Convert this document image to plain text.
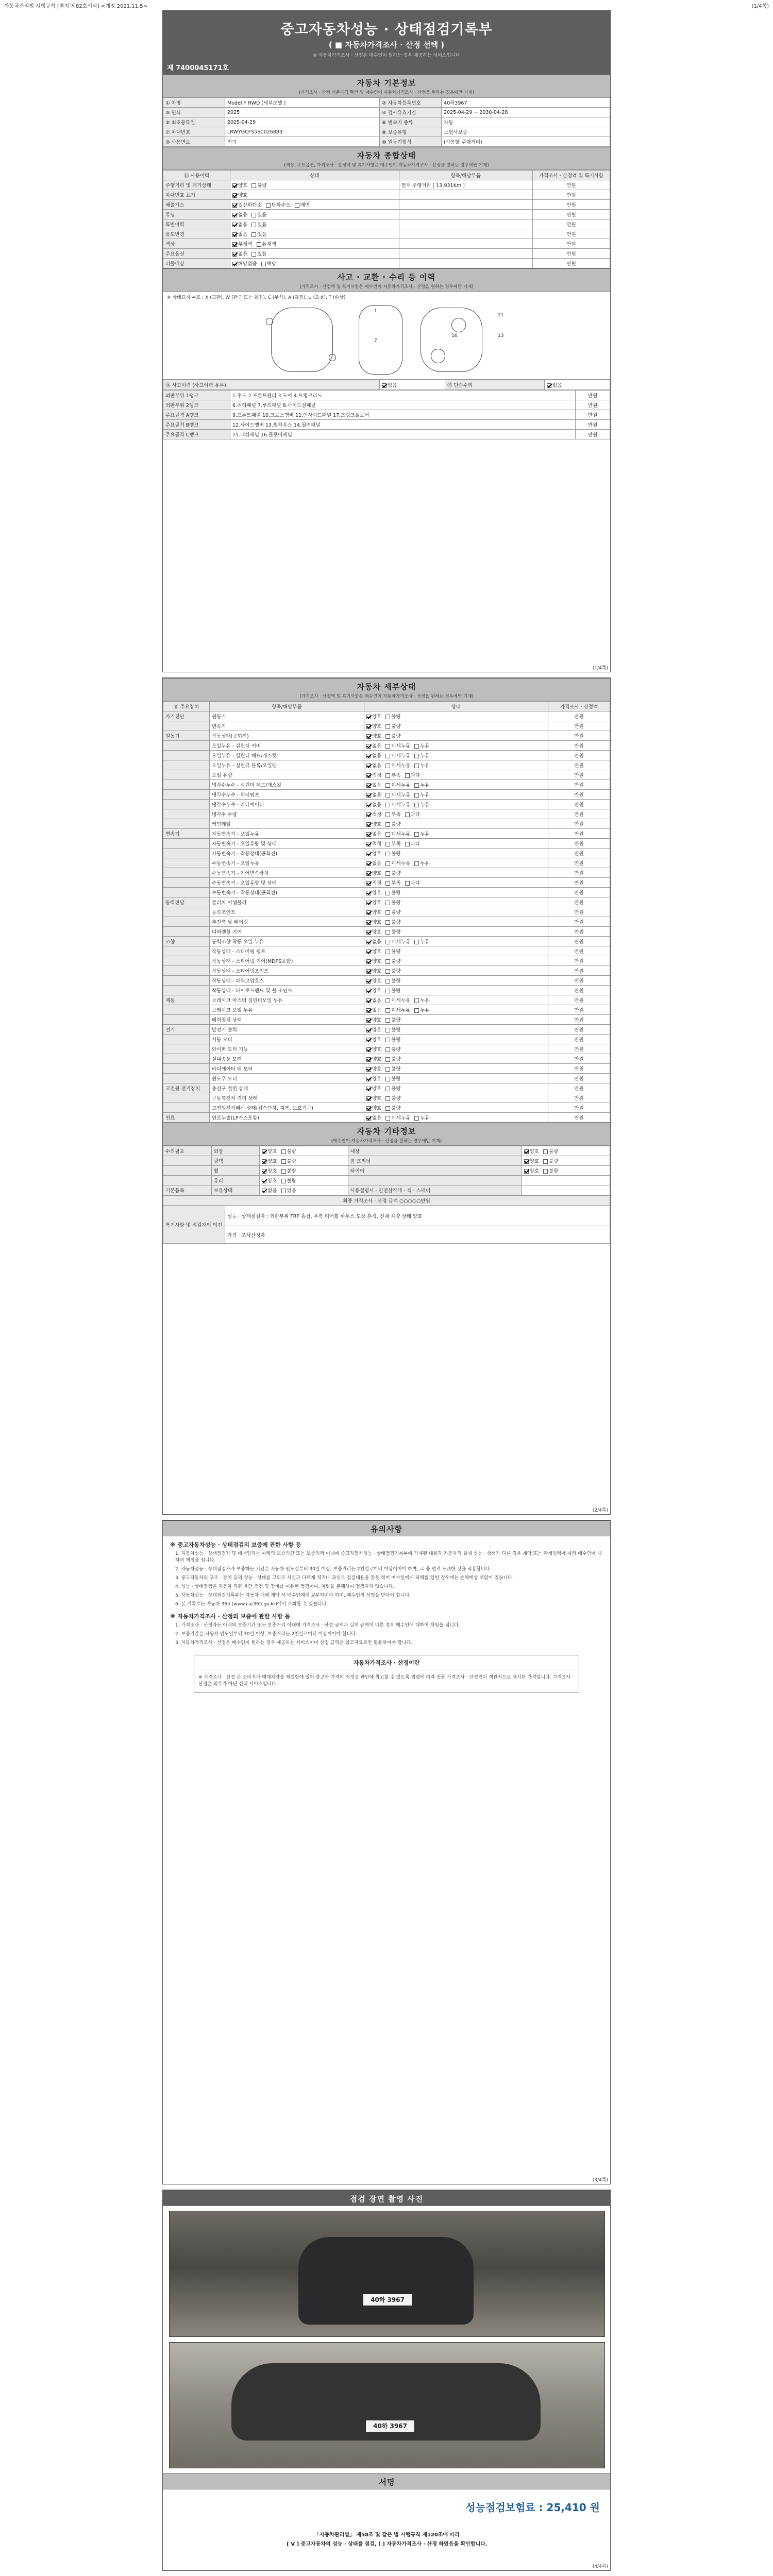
자동차관리법 시행규칙 [별지 제82호서식] <개정 2021.11.5>	(1/4쪽)
중고자동차성능 · 상태점검기록부
( ■ 자동차가격조사 · 산정 선택 )
※ 자동차가격조사 · 산정은 매수인이 원하는 경우 제공하는 서비스입니다
제 7400045171호
자동차 기본정보
(가격조사 · 산정 기준가격 확인 및 매수인이 자동차가격조사 · 산정을 원하는 경우에만 기재)
① 차명	Model Y RWD (세부모델 )	② 자동차등록번호	40하3967
③ 연식	2025	④ 검사유효기간	2025-04-29 ~ 2030-04-28
⑤ 최초등록일	2025-04-29	⑥ 변속기 종류	자동
⑦ 차대번호	LRWYGCFS5SC026883	⑧ 보증유형	보험사보증
⑨ 사용연료	전기	⑩ 원동기형식	(사용할 주행거리)
자동차 종합상태
(색상, 주요옵션, 가격조사 · 산정액 및 특기사항은 매수인이 자동차가격조사 · 산정을 원하는 경우에만 기재)
⑪ 사용이력	상태	항목/해당부품	가격조사 · 산정액 및 특기사항
주행거리 및 계기상태	양호 불량	현재 주행거리 [ 13,931Km ]	만원
차대번호 표기	양호		만원
배출가스	일산화탄소 탄화수소 매연		만원
튜닝	없음 있음		만원
특별이력	없음 있음		만원
용도변경	없음 있음		만원
색상	무채색 유채색		만원
주요옵션	없음 있음		만원
리콜대상	해당없음 해당		만원
사고 · 교환 · 수리 등 이력
(가격조사 · 산정액 및 특기사항은 매수인이 자동차가격조사 · 산정을 원하는 경우에만 기재)
※ 상태표시 부호 : X (교환), W (판금 또는 용접), C (부식), A (흠집), U (요철), T (손상)
1
7
16
11
13
⑭ 사고이력 (사고이력 유무)	없음	⑮ 단순수리	없음
외판부위 1랭크	1.후드 2.프론트펜더 3.도어 4.트렁크리드	만원
외판부위 2랭크	6.쿼터패널 7.루프패널 8.사이드실패널	만원
주요골격 A랭크	9.프론트패널 10.크로스멤버 11.인사이드패널 17.트렁크플로어	만원
주요골격 B랭크	12.사이드멤버 13.휠하우스 14.필러패널	만원
주요골격 C랭크	15.대쉬패널 16.플로어패널	만원
(1/4쪽)
자동차 세부상태
(가격조사 · 산정액 및 특기사항은 매수인이 자동차가격조사 · 산정을 원하는 경우에만 기재)
⑯ 주요장치	항목/해당부품	상태	가격조사 · 산정액
자기진단	원동기	양호 불량	만원
	변속기	양호 불량	만원
원동기	작동상태(공회전)	양호 불량	만원
	오일누유 - 실린더 커버	없음 미세누유 누유	만원
	오일누유 - 실린더 헤드/개스킷	없음 미세누유 누유	만원
	오일누유 - 실린더 블록/오일팬	없음 미세누유 누유	만원
	오일 유량	적정 부족 과다	만원
	냉각수누수 - 실린더 헤드/개스킷	없음 미세누유 누유	만원
	냉각수누수 - 워터펌프	없음 미세누유 누유	만원
	냉각수누수 - 라디에이터	없음 미세누유 누유	만원
	냉각수 수량	적정 부족 과다	만원
	커먼레일	양호 불량	만원
변속기	자동변속기 - 오일누유	없음 미세누유 누유	만원
	자동변속기 - 오일유량 및 상태	적정 부족 과다	만원
	자동변속기 - 작동상태(공회전)	양호 불량	만원
	수동변속기 - 오일누유	없음 미세누유 누유	만원
	수동변속기 - 기어변속장치	양호 불량	만원
	수동변속기 - 오일유량 및 상태	적정 부족 과다	만원
	수동변속기 - 작동상태(공회전)	양호 불량	만원
동력전달	클러치 어셈블리	양호 불량	만원
	등속조인트	양호 불량	만원
	추진축 및 베어링	양호 불량	만원
	디퍼렌셜 기어	양호 불량	만원
조향	동력조향 작동 오일 누유	없음 미세누유 누유	만원
	작동상태 - 스티어링 펌프	양호 불량	만원
	작동상태 - 스티어링 기어(MDPS포함)	양호 불량	만원
	작동상태 - 스티어링조인트	양호 불량	만원
	작동상태 - 파워고압호스	양호 불량	만원
	작동상태 - 타이로드엔드 및 볼 조인트	양호 불량	만원
제동	브레이크 마스터 실린더오일 누유	없음 미세누유 누유	만원
	브레이크 오일 누유	없음 미세누유 누유	만원
	배력장치 상태	양호 불량	만원
전기	발전기 출력	양호 불량	만원
	시동 모터	양호 불량	만원
	와이퍼 모터 기능	양호 불량	만원
	실내송풍 모터	양호 불량	만원
	라디에이터 팬 모터	양호 불량	만원
	윈도우 모터	양호 불량	만원
고전원 전기장치	충전구 절연 상태	양호 불량	만원
	구동축전지 격리 상태	양호 불량	만원
	고전원전기배선 상태(접속단자, 피복, 보호기구)	양호 불량	만원
연료	연료누출(LP가스포함)	없음 미세누유 누유	만원
자동차 기타정보
(매수인이 자동차가격조사 · 산정을 원하는 경우에만 기재)
수리필요	외장	양호 불량	내장	양호 불량
	광택	양호 불량	룸 크리닝	양호 불량
	휠	양호 불량	타이어	양호 불량
	유리	양호 불량		
기본품목	보유상태	없음 있음	사용설명서 · 안전삼각대 · 잭 · 스패너	
최종 가격조사 · 산정 금액 ○○○○○만원
특기사항 및 점검자의 의견	성능 · 상태점검자 : 외판부위 FRP 흠집, 우측 리어휠 하우스 도장 흔적, 전체 차량 상태 양호
가격 · 조사산정자
(2/4쪽)
유의사항
※ 중고자동차성능 · 상태점검의 보증에 관한 사항 등

1. 자동차성능 · 상태점검자 및 매매업자는 아래의 보증기간 또는 보증거리 이내에 중고자동차성능 · 상태점검기록부에 기재된 내용과 자동차의 실제 성능 · 상태가 다른 경우 계약 또는 관계법령에 따라 매수인에 대하여 책임을 집니다.

2. 자동차성능 · 상태점검자가 보증하는 기간은 자동차 인도일부터 30일 이상, 보증거리는 2천킬로미터 이상이어야 하며, 그 중 먼저 도래한 것을 적용합니다.

3. 중고자동차의 구조 · 장치 등의 성능 · 상태를 고의로 사실과 다르게 적거나 과실로 점검내용을 잘못 적어 매수인에게 피해를 입힌 경우에는 손해배상 책임이 있습니다.

4. 성능 · 상태점검은 자동차 외관 육안 점검 및 장비를 이용한 점검이며, 차량을 분해하여 점검하지 않습니다.

5. 자동차성능 · 상태점검기록부는 자동차 매매 계약 시 매수인에게 교부하여야 하며, 매수인의 서명을 받아야 합니다.

6. 본 기록부는 자동차 365 (www.car365.go.kr)에서 조회할 수 있습니다.

※ 자동차가격조사 · 산정의 보증에 관한 사항 등

1. 가격조사 · 산정자는 아래의 보증기간 또는 보증거리 이내에 가격조사 · 산정 금액과 실제 금액이 다른 경우 매수인에 대하여 책임을 집니다.

2. 보증기간은 자동차 인도일부터 30일 이상, 보증거리는 2천킬로미터 이상이어야 합니다.

3. 자동차가격조사 · 산정은 매수인이 원하는 경우 제공하는 서비스이며 산정 금액은 참고자료로만 활용하여야 합니다.

자동차가격조사 · 산정이란

※ 가격조사 · 산정 은 소비자가 매매계약을 체결함에 있어 중고차 가격의 적정성 판단에 참고할 수 있도록 법령에 따라 전문 가격조사 · 산정인이 객관적으로 제시한 가격입니다. 가격조사 · 산정은 의무가 아닌 선택 서비스입니다.

(3/4쪽)
점검 장면 촬영 사진
40하 3967
40하 3967
서명
성능점검보험료 : 25,410 원
「자동차관리법」 제58조 및 같은 법 시행규칙 제120조에 따라
[ V ] 중고자동차의 성능 · 상태를 점검, [ ] 자동차가격조사 · 산정 하였음을 확인합니다.
(4/4쪽)
